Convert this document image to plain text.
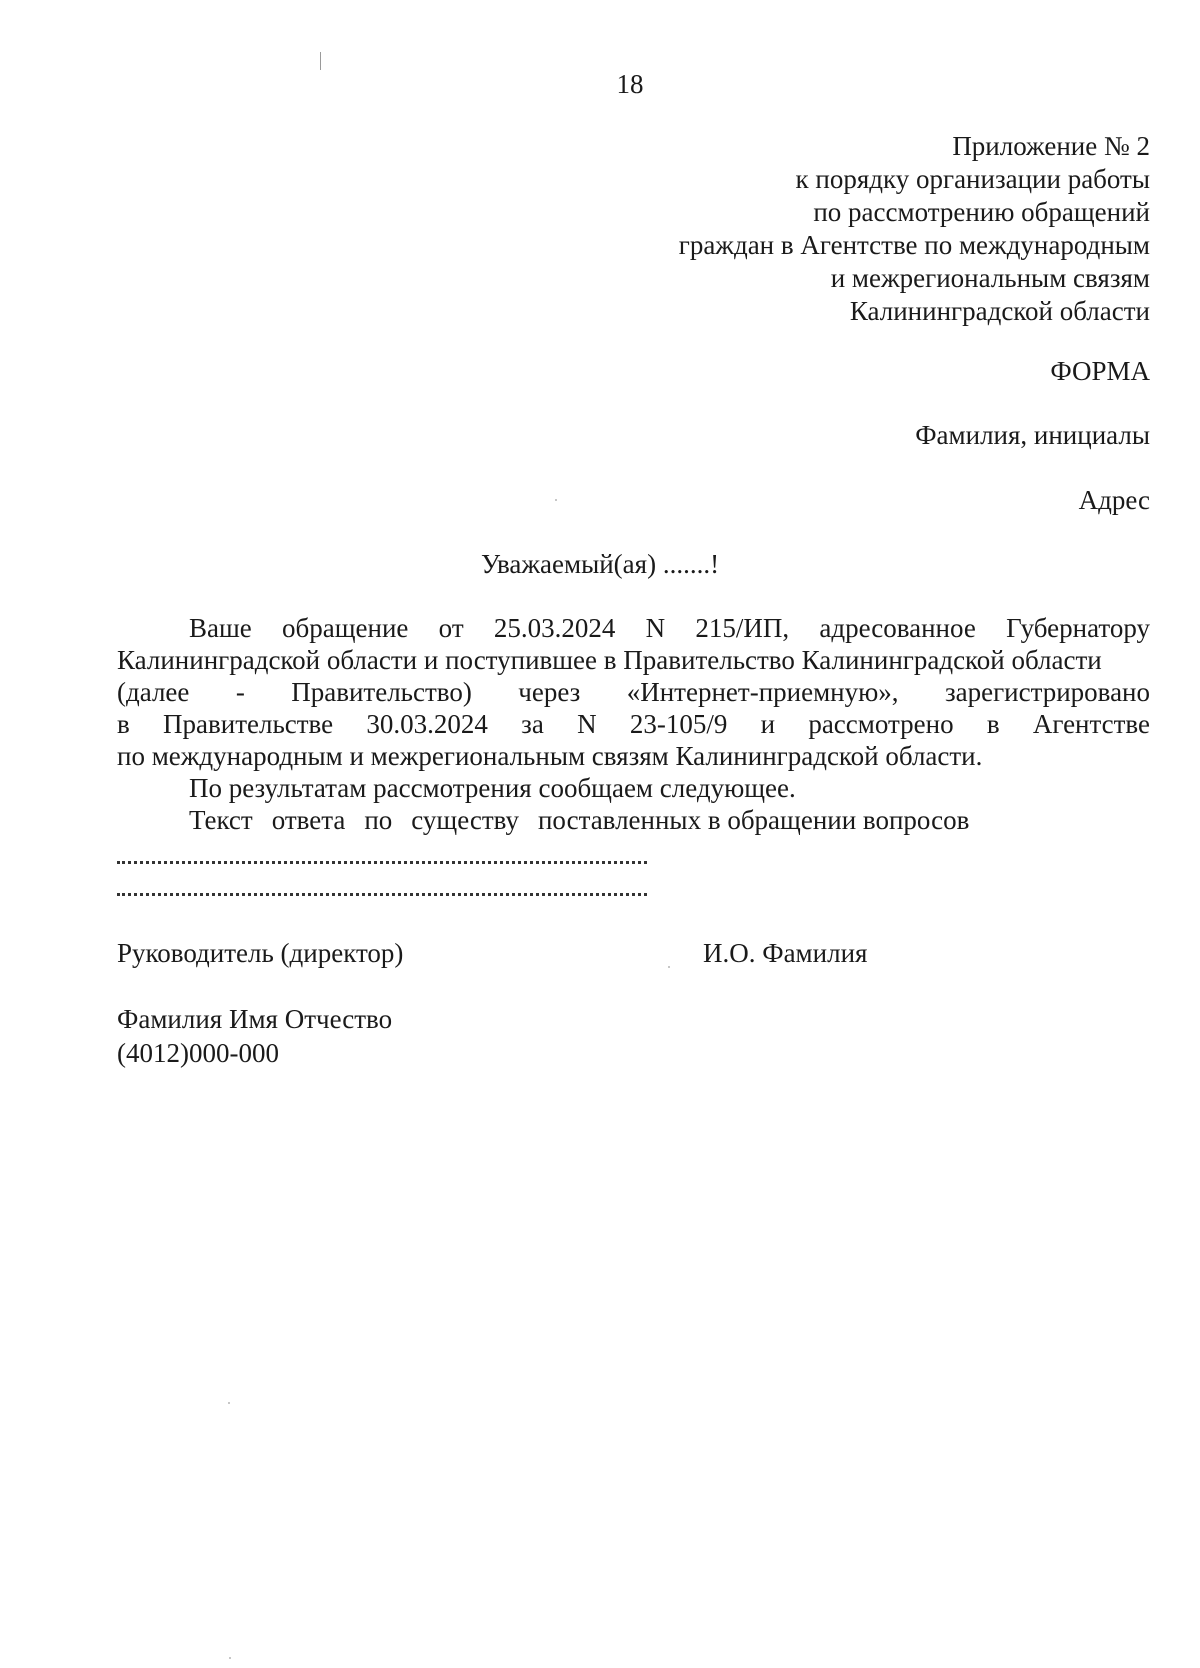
18
Приложение № 2
к порядку организации работы
по рассмотрению обращений
граждан в Агентстве по международным
и межрегиональным связям
Калининградской области
ФОРМА
Фамилия, инициалы
Адрес
Уважаемый(ая) .......!
Ваше обращение от 25.03.2024 N 215/ИП, адресованное Губернатору
Калининградской области и поступившее в Правительство Калининградской области
(далее - Правительство) через «Интернет-приемную», зарегистрировано
в Правительстве 30.03.2024 за N 23-105/9 и рассмотрено в Агентстве
по международным и межрегиональным связям Калининградской области.
По результатам рассмотрения сообщаем следующее.
Текст ответа по существу поставленных в обращении вопросов
Руководитель (директор)	И.О. Фамилия
Фамилия Имя Отчество
(4012)000-000
